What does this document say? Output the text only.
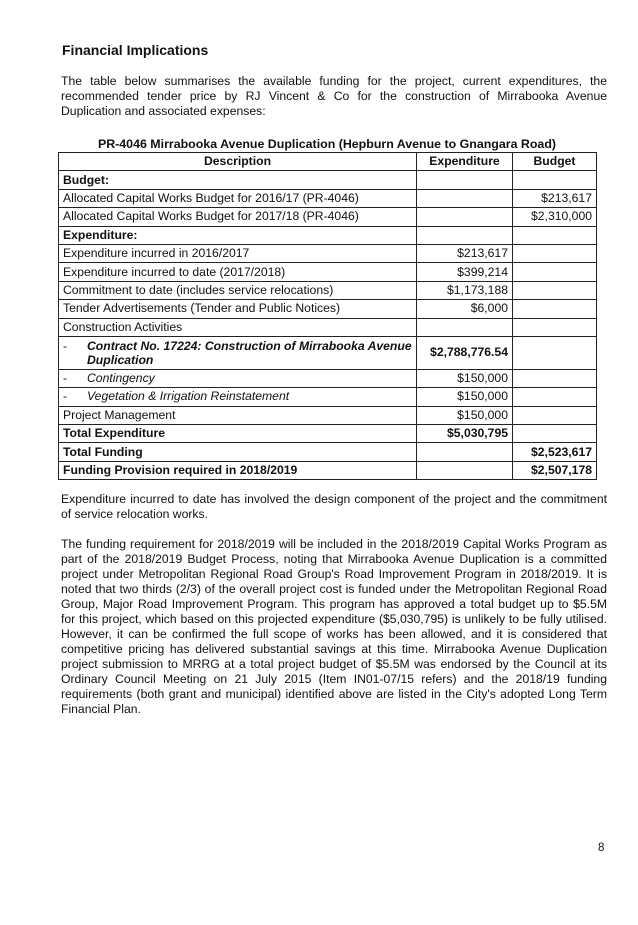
Financial Implications
The table below summarises the available funding for the project, current expenditures, the recommended tender price by RJ Vincent & Co for the construction of Mirrabooka Avenue Duplication and associated expenses:
PR-4046 Mirrabooka Avenue Duplication (Hepburn Avenue to Gnangara Road)
Description	Expenditure	Budget
Budget:		
Allocated Capital Works Budget for 2016/17 (PR-4046)		$213,617
Allocated Capital Works Budget for 2017/18 (PR-4046)		$2,310,000
Expenditure:		
Expenditure incurred in 2016/2017	$213,617	
Expenditure incurred to date (2017/2018)	$399,214	
Commitment to date (includes service relocations)	$1,173,188	
Tender Advertisements (Tender and Public Notices)	$6,000	
Construction Activities		

- Contract No. 17224: Construction of Mirrabooka Avenue Duplication	$2,788,776.54	
- Contingency	$150,000	
- Vegetation & Irrigation Reinstatement	$150,000	
Project Management	$150,000	
Total Expenditure	$5,030,795	
Total Funding		$2,523,617
Funding Provision required in 2018/2019		$2,507,178
Expenditure incurred to date has involved the design component of the project and the commitment of service relocation works.
The funding requirement for 2018/2019 will be included in the 2018/2019 Capital Works Program as part of the 2018/2019 Budget Process, noting that Mirrabooka Avenue Duplication is a committed project under Metropolitan Regional Road Group's Road Improvement Program in 2018/2019. It is noted that two thirds (2/3) of the overall project cost is funded under the Metropolitan Regional Road Group, Major Road Improvement Program. This program has approved a total budget up to $5.5M for this project, which based on this projected expenditure ($5,030,795) is unlikely to be fully utilised. However, it can be confirmed the full scope of works has been allowed, and it is considered that competitive pricing has delivered substantial savings at this time. Mirrabooka Avenue Duplication project submission to MRRG at a total project budget of $5.5M was endorsed by the Council at its Ordinary Council Meeting on 21 July 2015 (Item IN01-07/15 refers) and the 2018/19 funding requirements (both grant and municipal) identified above are listed in the City's adopted Long Term Financial Plan.
8
